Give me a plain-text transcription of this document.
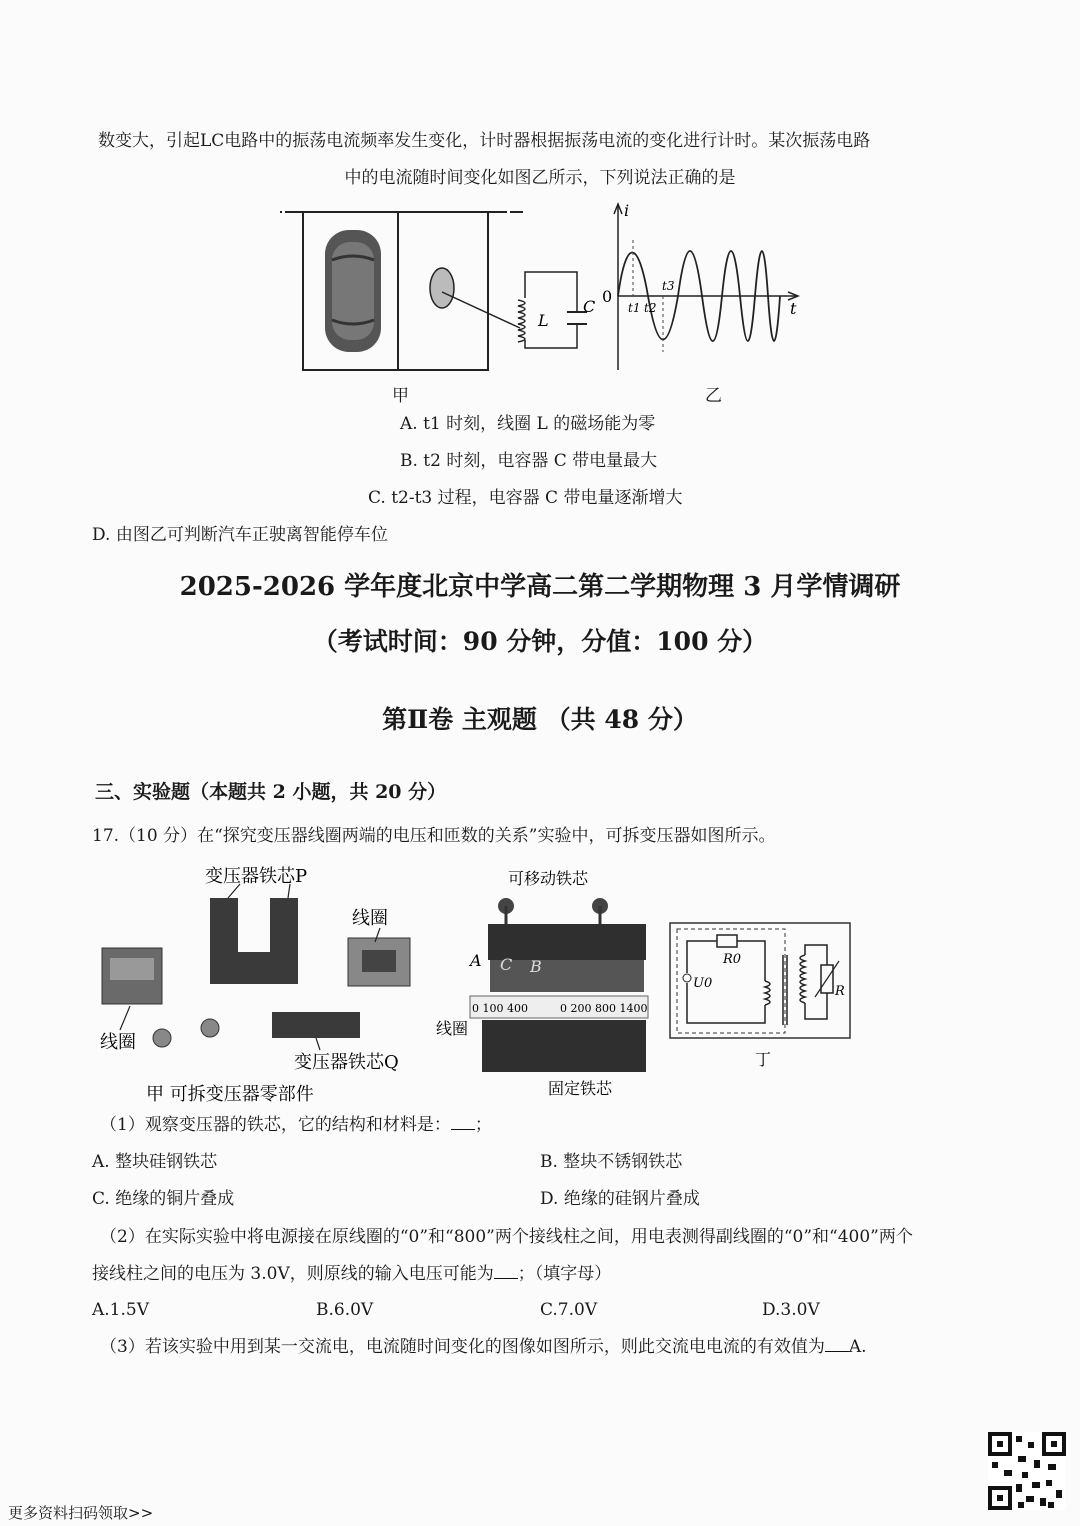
数变大，引起LC电路中的振荡电流频率发生变化，计时器根据振荡电流的变化进行计时。某次振荡电路
中的电流随时间变化如图乙所示，下列说法正确的是
L
C
i
0
t
t1 t2
t3
甲	乙
A. t1 时刻，线圈 L 的磁场能为零
B. t2 时刻，电容器 C 带电量最大
C. t2-t3 过程，电容器 C 带电量逐渐增大
D. 由图乙可判断汽车正驶离智能停车位
2025-2026 学年度北京中学高二第二学期物理 3 月学情调研
（考试时间：90 分钟，分值：100 分）
第Ⅱ卷 主观题 （共 48 分）
三、实验题（本题共 2 小题，共 20 分）
17.（10 分）在“探究变压器线圈两端的电压和匝数的关系”实验中，可拆变压器如图所示。
变压器铁芯P
线圈
线圈
变压器铁芯Q
甲 可拆变压器零部件
可移动铁芯
A C B
0 100 400	0 200 800 1400
线圈
固定铁芯
R0
U0
R
丁
（1）观察变压器的铁芯，它的结构和材料是： ；
A. 整块硅钢铁芯	B. 整块不锈钢铁芯
C. 绝缘的铜片叠成	D. 绝缘的硅钢片叠成
（2）在实际实验中将电源接在原线圈的“0”和“800”两个接线柱之间，用电表测得副线圈的“0”和“400”两个
接线柱之间的电压为 3.0V，则原线的输入电压可能为 ；（填字母）
A.1.5V	B.6.0V	C.7.0V	D.3.0V
（3）若该实验中用到某一交流电，电流随时间变化的图像如图所示，则此交流电电流的有效值为 A.
更多资料扫码领取>>
